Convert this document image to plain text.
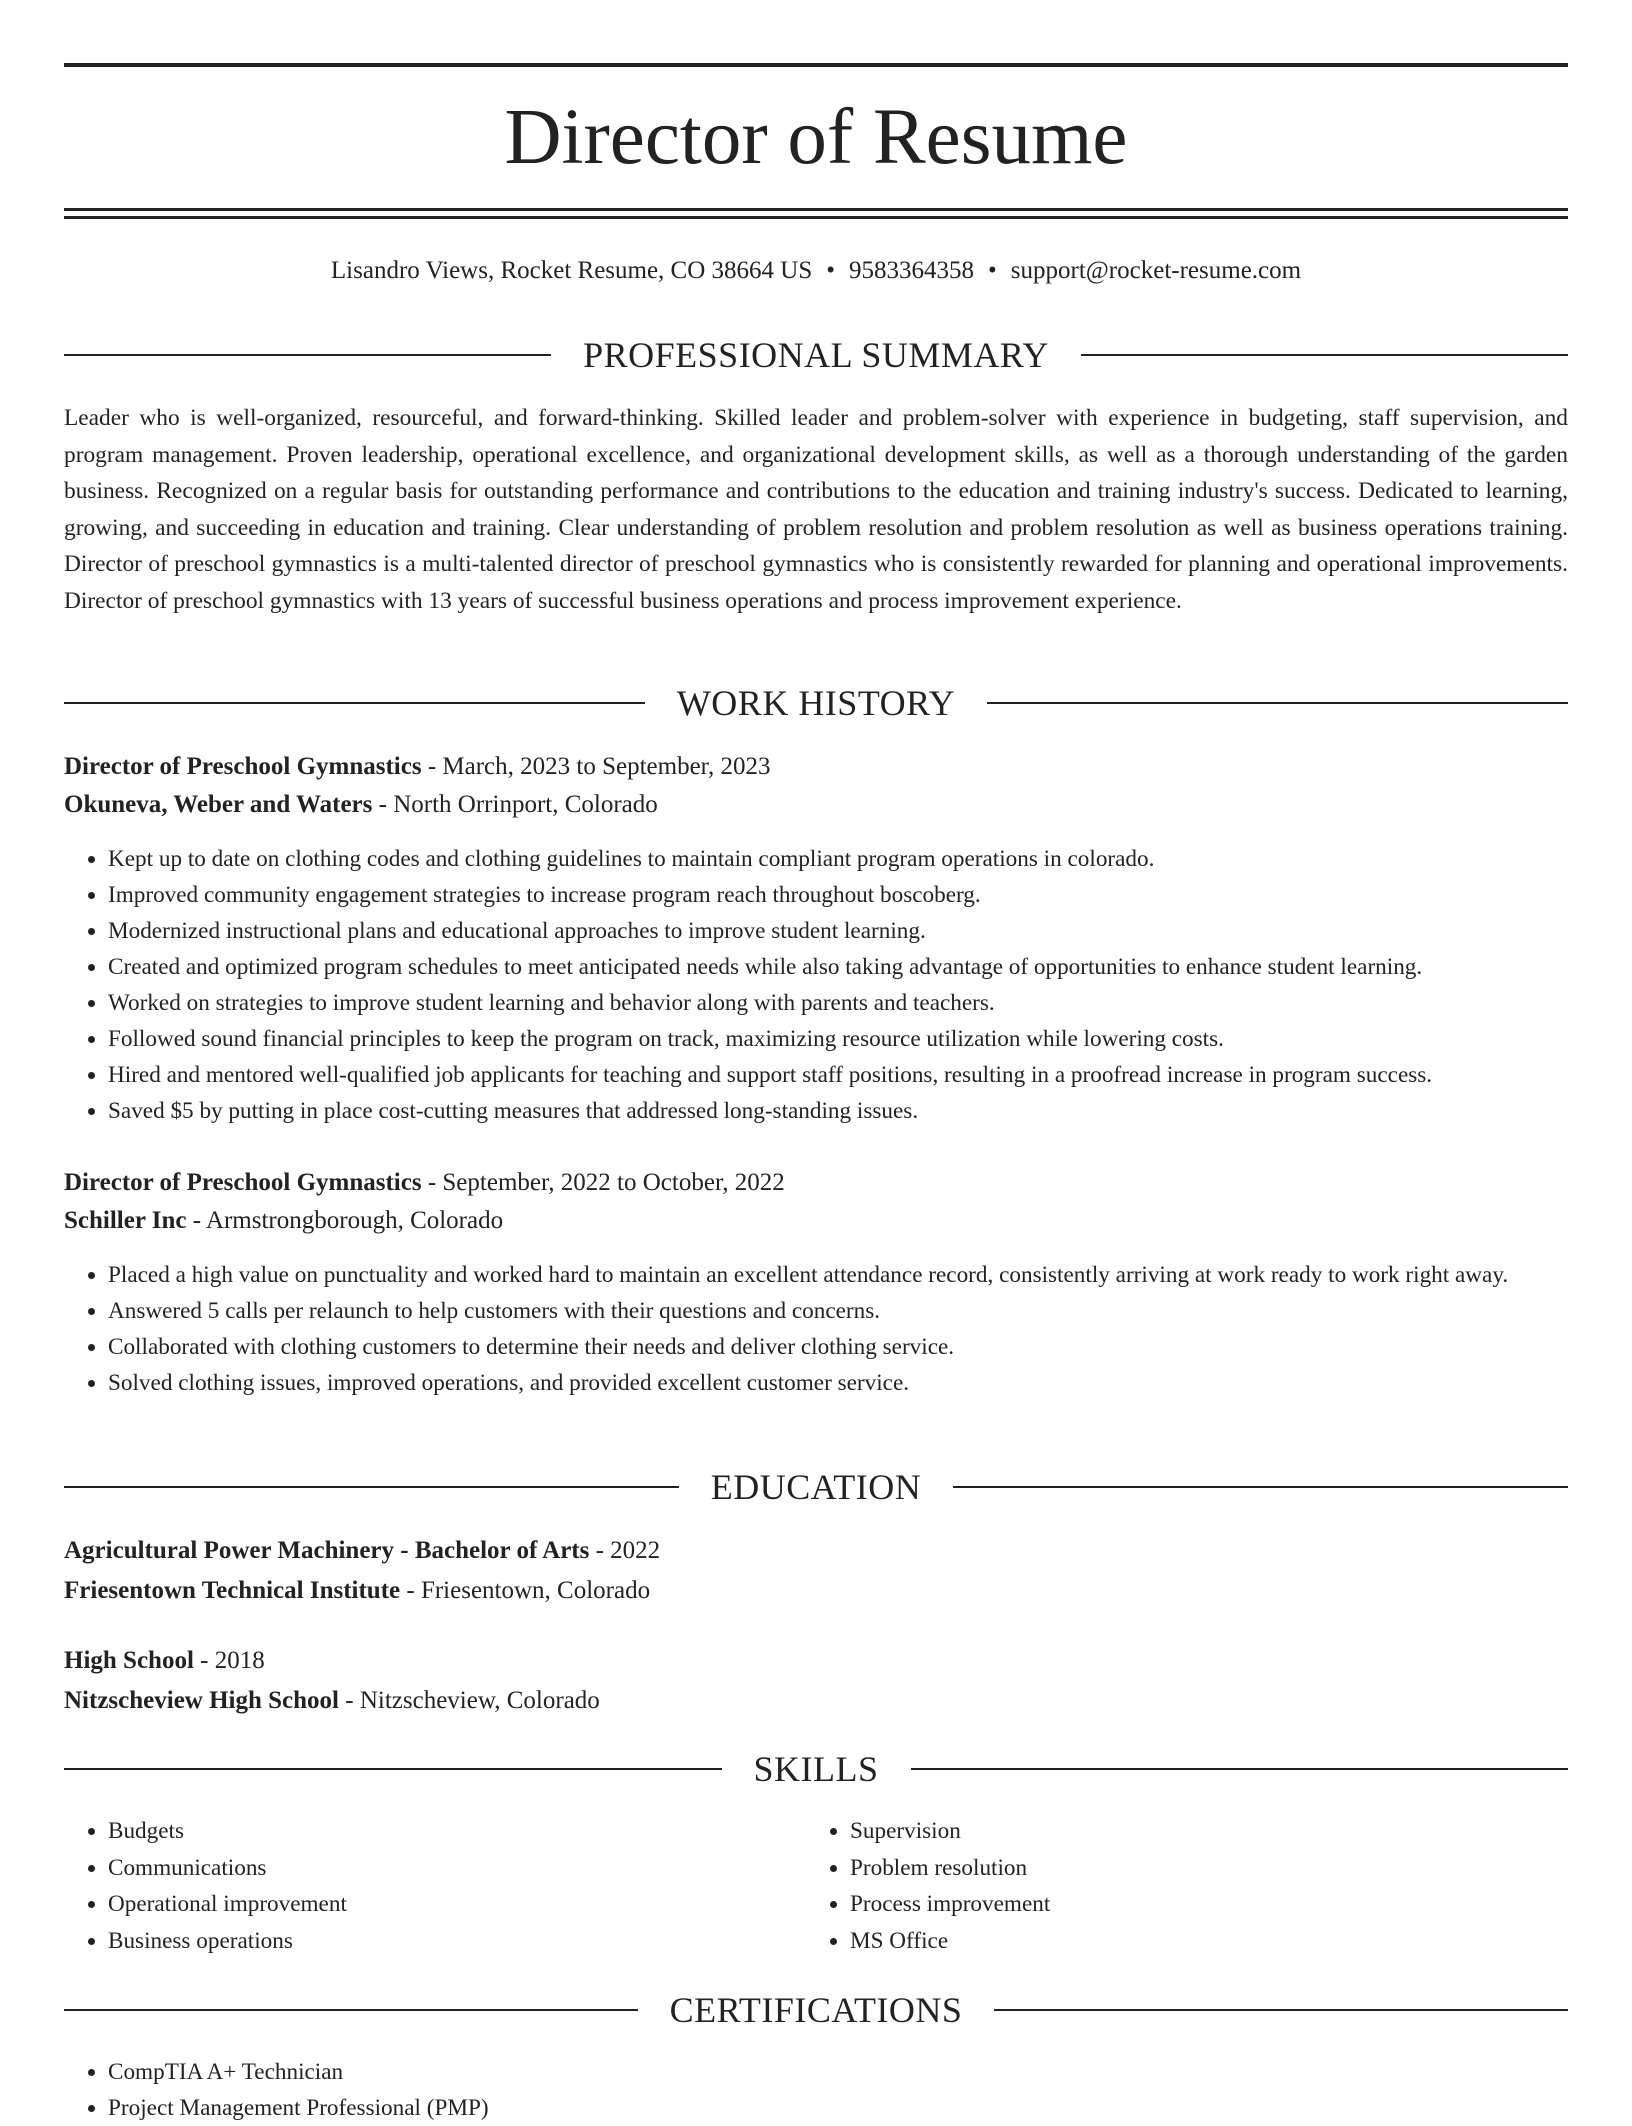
Director of Resume
Lisandro Views, Rocket Resume, CO 38664 US • 9583364358 • support@rocket-resume.com
PROFESSIONAL SUMMARY

Leader who is well-organized, resourceful, and forward-thinking. Skilled leader and problem-solver with experience in budgeting, staff supervision, and program management. Proven leadership, operational excellence, and organizational development skills, as well as a thorough understanding of the garden business. Recognized on a regular basis for outstanding performance and contributions to the education and training industry's success. Dedicated to learning, growing, and succeeding in education and training. Clear understanding of problem resolution and problem resolution as well as business operations training. Director of preschool gymnastics is a multi-talented director of preschool gymnastics who is consistently rewarded for planning and operational improvements. Director of preschool gymnastics with 13 years of successful business operations and process improvement experience.

WORK HISTORY
Director of Preschool Gymnastics - March, 2023 to September, 2023
Okuneva, Weber and Waters - North Orrinport, Colorado
• Kept up to date on clothing codes and clothing guidelines to maintain compliant program operations in colorado.
• Improved community engagement strategies to increase program reach throughout boscoberg.
• Modernized instructional plans and educational approaches to improve student learning.
• Created and optimized program schedules to meet anticipated needs while also taking advantage of opportunities to enhance student learning.
• Worked on strategies to improve student learning and behavior along with parents and teachers.
• Followed sound financial principles to keep the program on track, maximizing resource utilization while lowering costs.
• Hired and mentored well-qualified job applicants for teaching and support staff positions, resulting in a proofread increase in program success.
• Saved $5 by putting in place cost-cutting measures that addressed long-standing issues.
Director of Preschool Gymnastics - September, 2022 to October, 2022
Schiller Inc - Armstrongborough, Colorado
• Placed a high value on punctuality and worked hard to maintain an excellent attendance record, consistently arriving at work ready to work right away.
• Answered 5 calls per relaunch to help customers with their questions and concerns.
• Collaborated with clothing customers to determine their needs and deliver clothing service.
• Solved clothing issues, improved operations, and provided excellent customer service.
EDUCATION
Agricultural Power Machinery - Bachelor of Arts - 2022
Friesentown Technical Institute - Friesentown, Colorado
High School - 2018
Nitzscheview High School - Nitzscheview, Colorado
SKILLS
• Budgets
• Communications
• Operational improvement
• Business operations
• Supervision
• Problem resolution
• Process improvement
• MS Office
CERTIFICATIONS
• CompTIA A+ Technician
• Project Management Professional (PMP)
